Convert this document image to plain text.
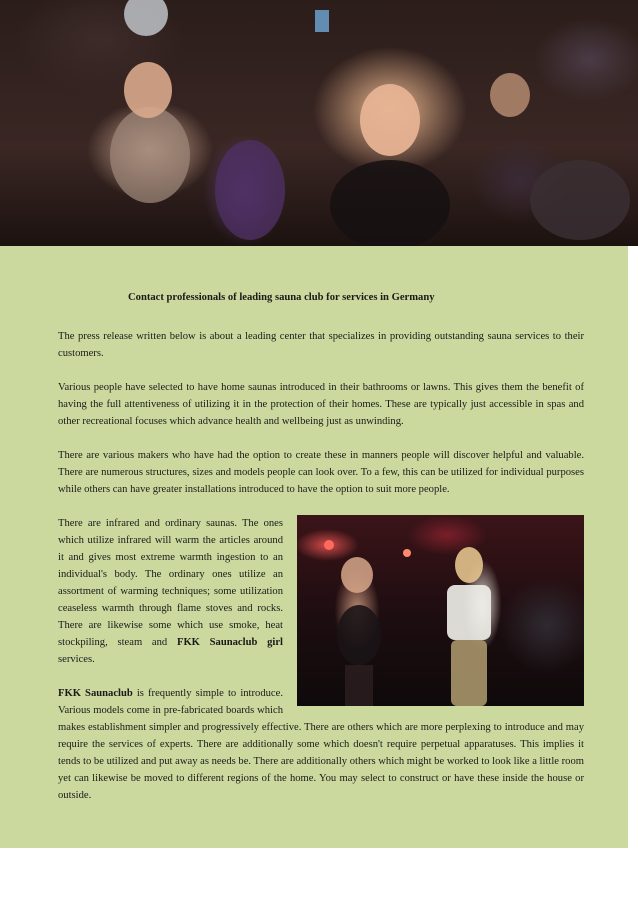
Contact professionals of leading sauna club for services in Germany

The press release written below is about a leading center that specializes in providing outstanding sauna services to their customers.

Various people have selected to have home saunas introduced in their bathrooms or lawns. This gives them the benefit of having the full attentiveness of utilizing it in the protection of their homes. These are typically just accessible in spas and other recreational focuses which advance health and wellbeing just as unwinding.

There are various makers who have had the option to create these in manners people will discover helpful and valuable. There are numerous structures, sizes and models people can look over. To a few, this can be utilized for individual purposes while others can have greater installations introduced to have the option to suit more people.

There are infrared and ordinary saunas. The ones which utilize infrared will warm the articles around it and gives most extreme warmth ingestion to an individual's body. The ordinary ones utilize an assortment of warming techniques; some utilization ceaseless warmth through flame stoves and rocks. There are likewise some which use smoke, heat stockpiling, steam and FKK Saunaclub girl services.

FKK Saunaclub is frequently simple to introduce. Various models come in pre-fabricated boards which makes establishment simpler and progressively effective. There are others which are more perplexing to introduce and may require the services of experts. There are additionally some which doesn't require perpetual apparatuses. This implies it tends to be utilized and put away as needs be. There are additionally others which might be worked to look like a little room yet can likewise be moved to different regions of the home. You may select to construct or have these inside the house or outside.
